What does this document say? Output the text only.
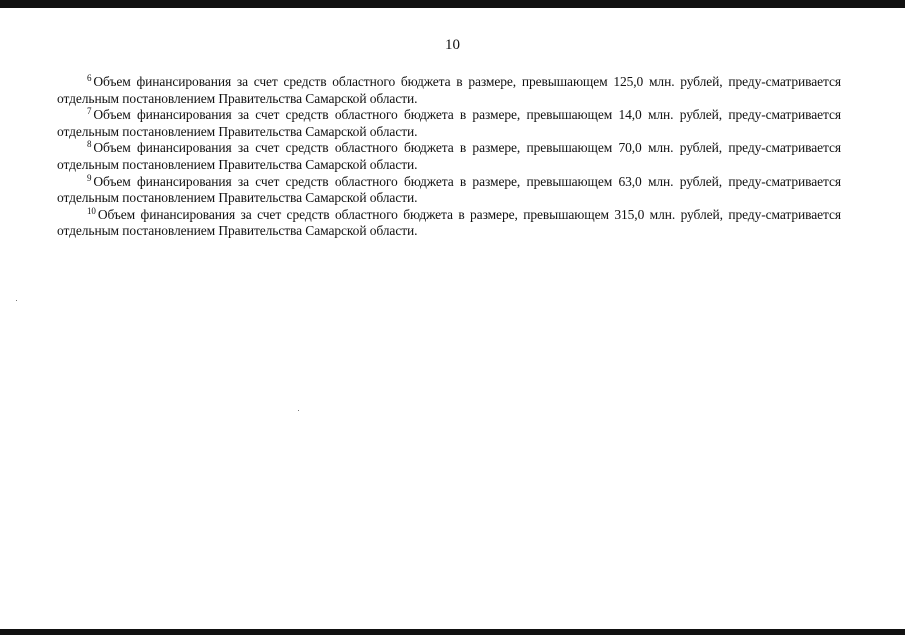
10

$^6$ Объем финансирования за счет средств областного бюджета в размере, превышающем 125,0 млн. рублей, преду-сматривается отдельным постановлением Правительства Самарской области.

$^7$ Объем финансирования за счет средств областного бюджета в размере, превышающем 14,0 млн. рублей, преду-сматривается отдельным постановлением Правительства Самарской области.

$^8$ Объем финансирования за счет средств областного бюджета в размере, превышающем 70,0 млн. рублей, преду-сматривается отдельным постановлением Правительства Самарской области.

$^9$ Объем финансирования за счет средств областного бюджета в размере, превышающем 63,0 млн. рублей, преду-сматривается отдельным постановлением Правительства Самарской области.

$^{10}$ Объем финансирования за счет средств областного бюджета в размере, превышающем 315,0 млн. рублей, преду-сматривается отдельным постановлением Правительства Самарской области.
